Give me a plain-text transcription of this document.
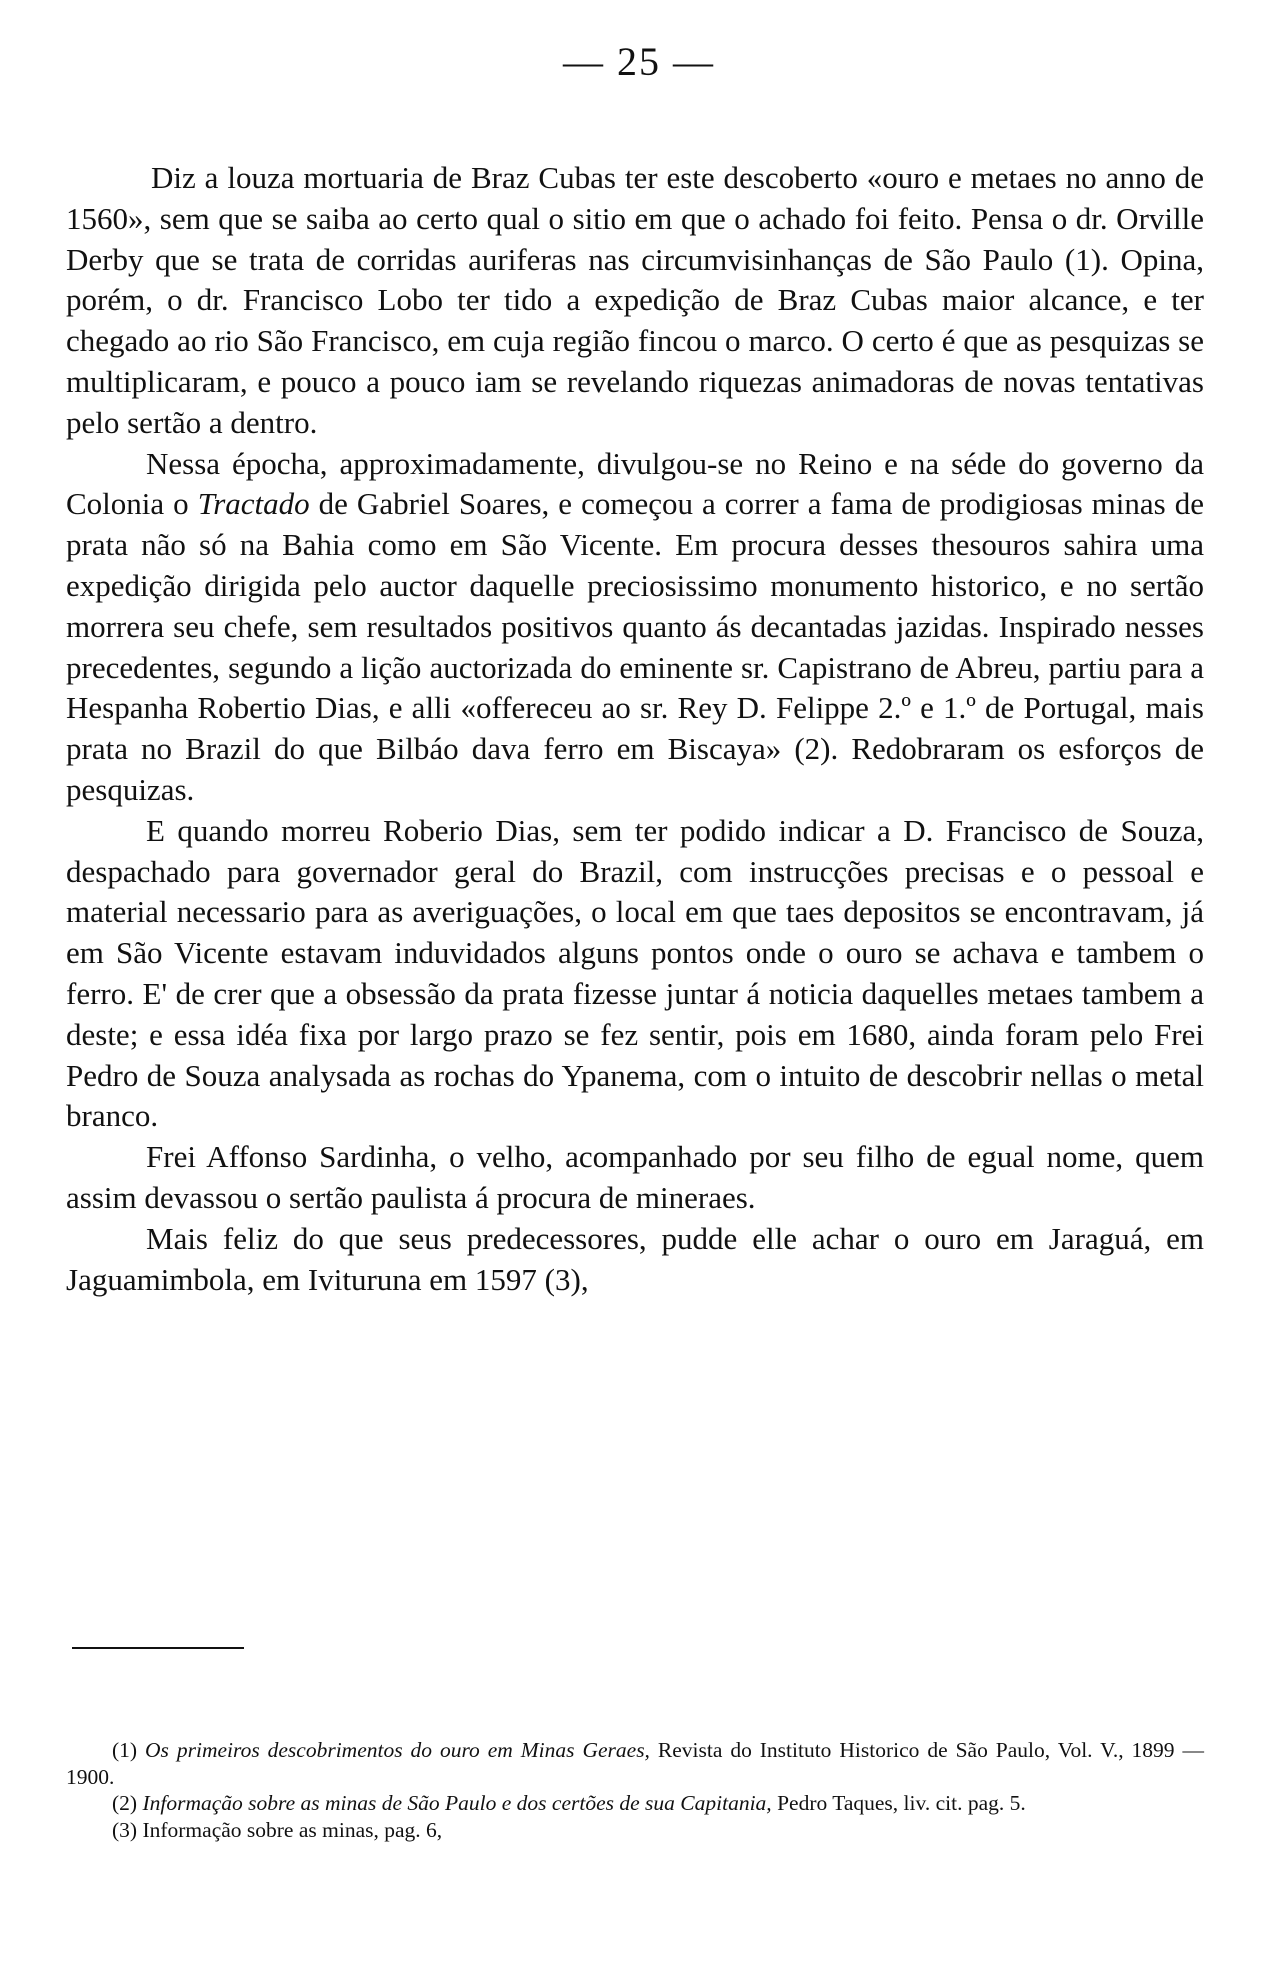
— 25 —

Diz a louza mortuaria de Braz Cubas ter este descoberto «ouro e metaes no anno de 1560», sem que se saiba ao certo qual o sitio em que o achado foi feito. Pensa o dr. Orville Derby que se trata de corridas auriferas nas circumvisinhanças de São Paulo (1). Opina, porém, o dr. Francisco Lobo ter tido a expedição de Braz Cubas maior alcance, e ter chegado ao rio São Francisco, em cuja região fincou o marco. O certo é que as pesquizas se multiplicaram, e pouco a pouco iam se revelando riquezas animadoras de novas tentativas pelo sertão a dentro.

Nessa épocha, approximadamente, divulgou-se no Reino e na séde do governo da Colonia o Tractado de Gabriel Soares, e começou a correr a fama de prodigiosas minas de prata não só na Bahia como em São Vicente. Em procura desses thesouros sahira uma expedição dirigida pelo auctor daquelle preciosissimo monumento historico, e no sertão morrera seu chefe, sem resultados positivos quanto ás decantadas jazidas. Inspirado nesses precedentes, segundo a lição auctorizada do eminente sr. Capistrano de Abreu, partiu para a Hespanha Robertio Dias, e alli «offereceu ao sr. Rey D. Felippe 2.º e 1.º de Portugal, mais prata no Brazil do que Bilbáo dava ferro em Biscaya» (2). Redobraram os esforços de pesquizas.

E quando morreu Roberio Dias, sem ter podido indicar a D. Francisco de Souza, despachado para governador geral do Brazil, com instrucções precisas e o pessoal e material necessario para as averiguações, o local em que taes depositos se encontravam, já em São Vicente estavam induvidados alguns pontos onde o ouro se achava e tambem o ferro. E' de crer que a obsessão da prata fizesse juntar á noticia daquelles metaes tambem a deste; e essa idéa fixa por largo prazo se fez sentir, pois em 1680, ainda foram pelo Frei Pedro de Souza analysada as rochas do Ypanema, com o intuito de descobrir nellas o metal branco.

Frei Affonso Sardinha, o velho, acompanhado por seu filho de egual nome, quem assim devassou o sertão paulista á procura de mineraes.

Mais feliz do que seus predecessores, pudde elle achar o ouro em Jaraguá, em Jaguamimbola, em Ivituruna em 1597 (3),

(1) Os primeiros descobrimentos do ouro em Minas Geraes, Revista do Instituto Historico de São Paulo, Vol. V., 1899 — 1900.

(2) Informação sobre as minas de São Paulo e dos certões de sua Capitania, Pedro Taques, liv. cit. pag. 5.

(3) Informação sobre as minas, pag. 6,
